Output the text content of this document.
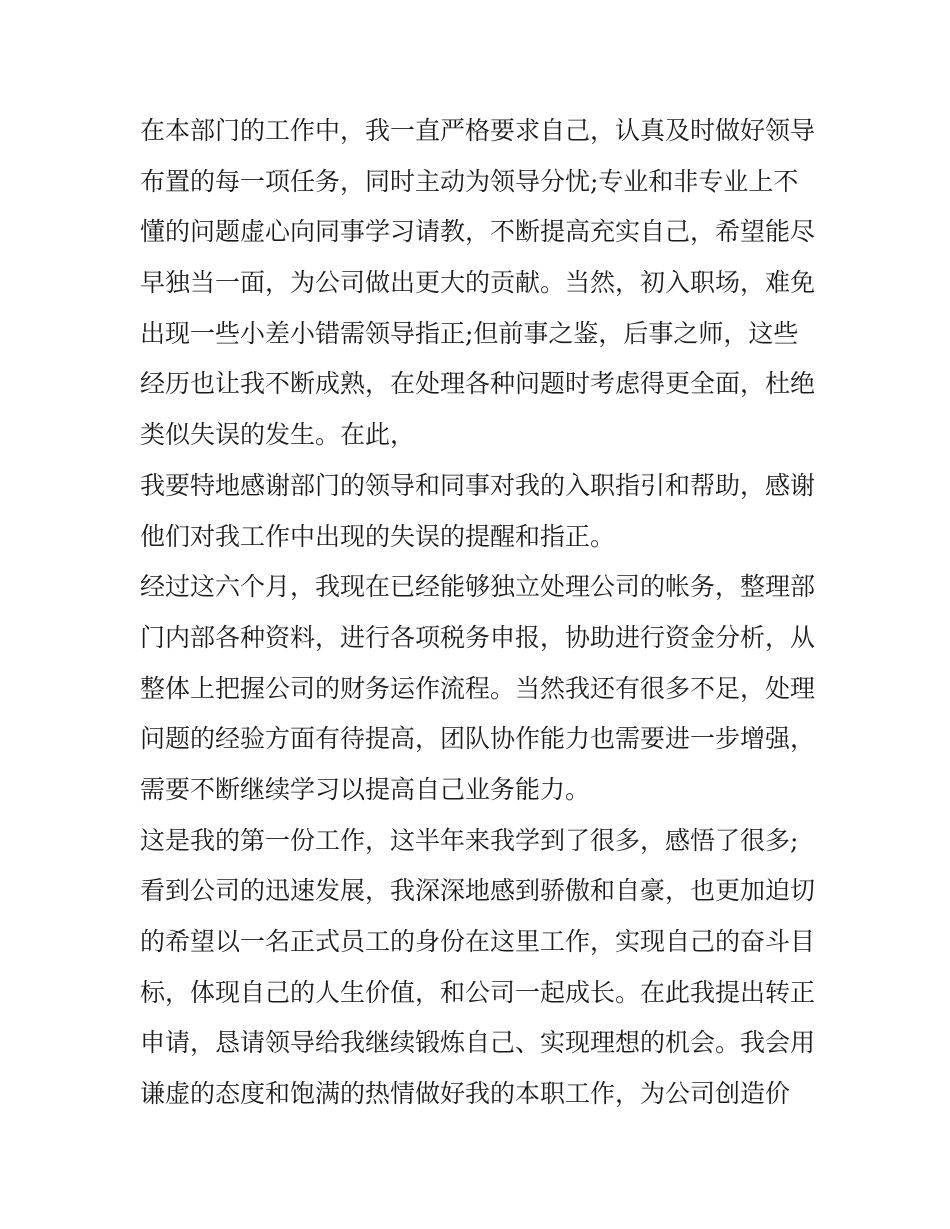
在本部门的工作中，我一直严格要求自己，认真及时做好领导
布置的每一项任务，同时主动为领导分忧;专业和非专业上不
懂的问题虚心向同事学习请教，不断提高充实自己，希望能尽
早独当一面，为公司做出更大的贡献。当然，初入职场，难免
出现一些小差小错需领导指正;但前事之鉴，后事之师，这些
经历也让我不断成熟，在处理各种问题时考虑得更全面，杜绝
类似失误的发生。在此，
我要特地感谢部门的领导和同事对我的入职指引和帮助，感谢
他们对我工作中出现的失误的提醒和指正。
经过这六个月，我现在已经能够独立处理公司的帐务，整理部
门内部各种资料，进行各项税务申报，协助进行资金分析，从
整体上把握公司的财务运作流程。当然我还有很多不足，处理
问题的经验方面有待提高，团队协作能力也需要进一步增强，
需要不断继续学习以提高自己业务能力。
这是我的第一份工作，这半年来我学到了很多，感悟了很多;
看到公司的迅速发展，我深深地感到骄傲和自豪，也更加迫切
的希望以一名正式员工的身份在这里工作，实现自己的奋斗目
标，体现自己的人生价值，和公司一起成长。在此我提出转正
申请，恳请领导给我继续锻炼自己、实现理想的机会。我会用
谦虚的态度和饱满的热情做好我的本职工作，为公司创造价
